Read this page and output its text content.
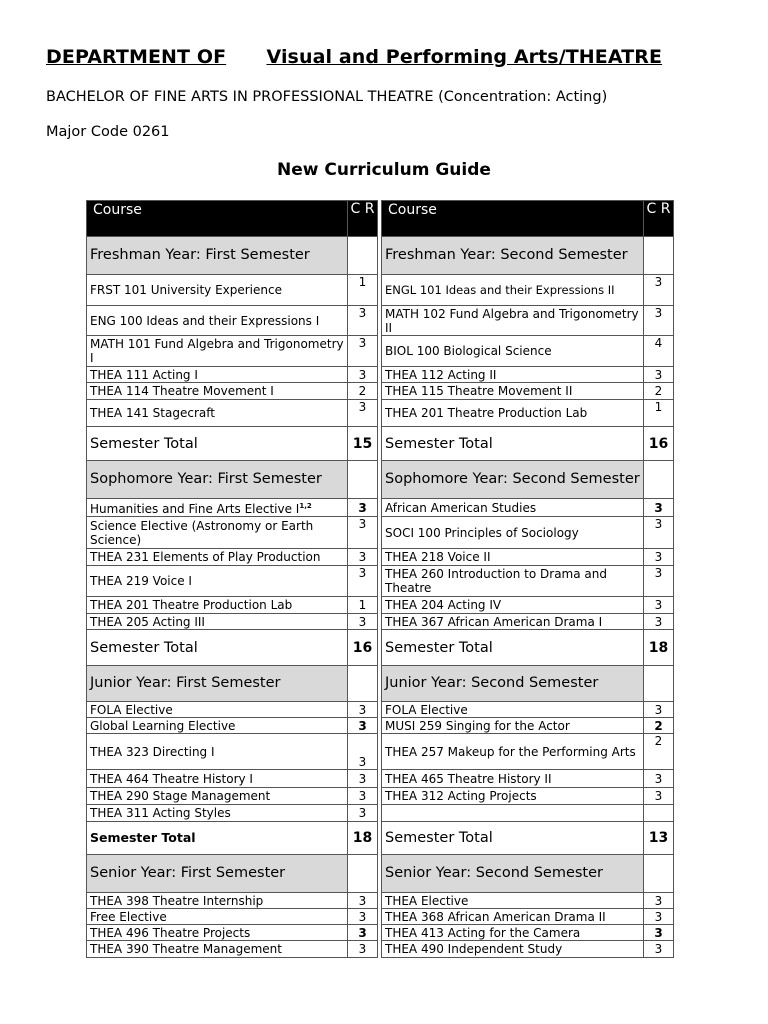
DEPARTMENT OF Visual and Performing Arts/THEATRE
BACHELOR OF FINE ARTS IN PROFESSIONAL THEATRE (Concentration: Acting)
Major Code 0261
New Curriculum Guide
Course	C R		Course	C R
Freshman Year: First Semester			Freshman Year: Second Semester	
FRST 101 University Experience	1		ENGL 101 Ideas and their Expressions II	3
ENG 100 Ideas and their Expressions I	3		MATH 102 Fund Algebra and Trigonometry II	3
MATH 101 Fund Algebra and Trigonometry I	3		BIOL 100 Biological Science	4
THEA 111 Acting I	3		THEA 112 Acting II	3
THEA 114 Theatre Movement I	2		THEA 115 Theatre Movement II	2
THEA 141 Stagecraft	3		THEA 201 Theatre Production Lab	1
Semester Total	15		Semester Total	16
Sophomore Year: First Semester			Sophomore Year: Second Semester	
Humanities and Fine Arts Elective I$^{1,2}$	3		African American Studies	3
Science Elective (Astronomy or Earth Science)	3		SOCI 100 Principles of Sociology	3
THEA 231 Elements of Play Production	3		THEA 218 Voice II	3
THEA 219 Voice I	3		THEA 260 Introduction to Drama and Theatre	3
THEA 201 Theatre Production Lab	1		THEA 204 Acting IV	3
THEA 205 Acting III	3		THEA 367 African American Drama I	3
Semester Total	16		Semester Total	18
Junior Year: First Semester			Junior Year: Second Semester	
FOLA Elective	3		FOLA Elective	3
Global Learning Elective	3		MUSI 259 Singing for the Actor	2
THEA 323 Directing I	3		THEA 257 Makeup for the Performing Arts	2
THEA 464 Theatre History I	3		THEA 465 Theatre History II	3
THEA 290 Stage Management	3		THEA 312 Acting Projects	3
THEA 311 Acting Styles	3			
Semester Total	18		Semester Total	13
Senior Year: First Semester			Senior Year: Second Semester	
THEA 398 Theatre Internship	3		THEA Elective	3
Free Elective	3		THEA 368 African American Drama II	3
THEA 496 Theatre Projects	3		THEA 413 Acting for the Camera	3
THEA 390 Theatre Management	3		THEA 490 Independent Study	3
